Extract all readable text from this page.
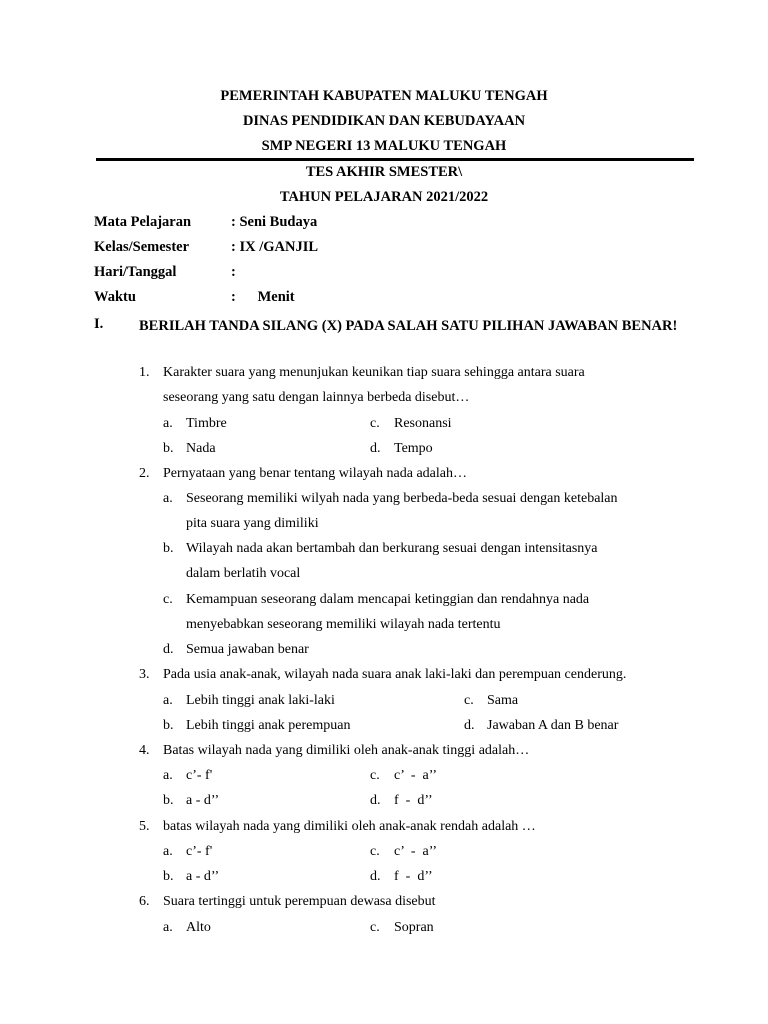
PEMERINTAH KABUPATEN MALUKU TENGAH
DINAS PENDIDIKAN DAN KEBUDAYAAN
SMP NEGERI 13 MALUKU TENGAH
TES AKHIR SMESTER\
TAHUN PELAJARAN 2021/2022
Mata Pelajaran	: Seni Budaya
Kelas/Semester	: IX /GANJIL
Hari/Tanggal	:
Waktu	:      Menit
I. BERILAH TANDA SILANG (X) PADA SALAH SATU PILIHAN JAWABAN BENAR!
1. Karakter suara yang menunjukan keunikan tiap suara sehingga antara suara
seseorang yang satu dengan lainnya berbeda disebut…
a. Timbre	c. Resonansi
b. Nada	d. Tempo
2. Pernyataan yang benar tentang wilayah nada adalah…
a. Seseorang memiliki wilyah nada yang berbeda-beda sesuai dengan ketebalan
pita suara yang dimiliki
b. Wilayah nada akan bertambah dan berkurang sesuai dengan intensitasnya
dalam berlatih vocal
c. Kemampuan seseorang dalam mencapai ketinggian dan rendahnya nada
menyebabkan seseorang memiliki wilayah nada tertentu
d. Semua jawaban benar
3. Pada usia anak-anak, wilayah nada suara anak laki-laki dan perempuan cenderung.
a. Lebih tinggi anak laki-laki	c. Sama
b. Lebih tinggi anak perempuan	d. Jawaban A dan B benar
4. Batas wilayah nada yang dimiliki oleh anak-anak tinggi adalah…
a. c’- f'	c. c’  -  a’’
b. a - d’’	d. f  -  d’’
5. batas wilayah nada yang dimiliki oleh anak-anak rendah adalah …
a. c’- f'	c. c’  -  a’’
b. a - d’’	d. f  -  d’’
6. Suara tertinggi untuk perempuan dewasa disebut
a. Alto	c. Sopran
